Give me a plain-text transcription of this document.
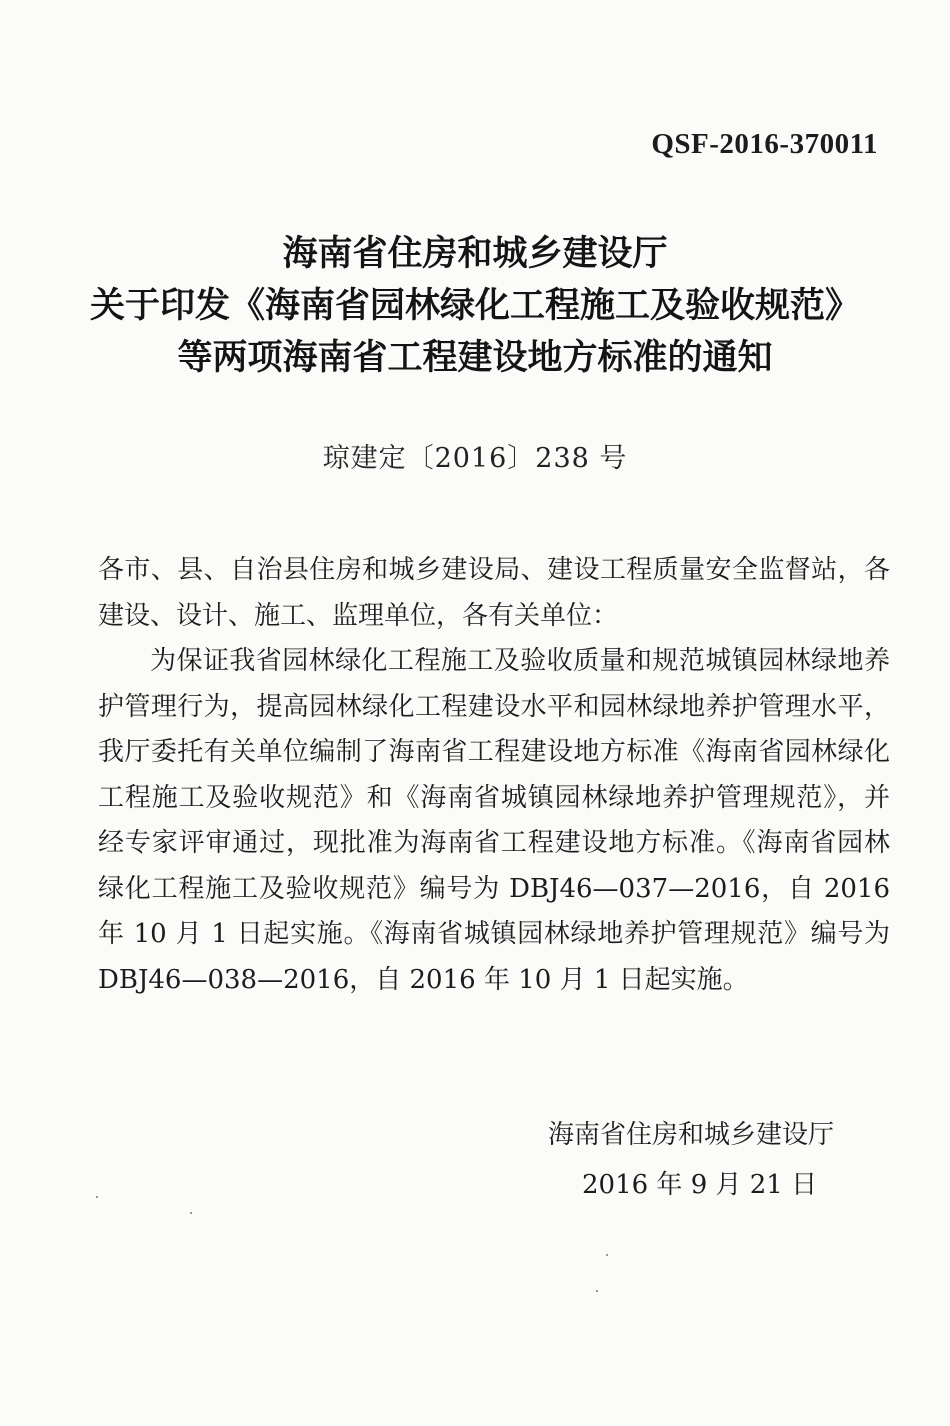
QSF-2016-370011
海南省住房和城乡建设厅
关于印发《海南省园林绿化工程施工及验收规范》
等两项海南省工程建设地方标准的通知
琼建定〔2016〕238 号

各市、县、自治县住房和城乡建设局、建设工程质量安全监督站，各建设、设计、施工、监理单位，各有关单位：

为保证我省园林绿化工程施工及验收质量和规范城镇园林绿地养护管理行为，提高园林绿化工程建设水平和园林绿地养护管理水平，我厅委托有关单位编制了海南省工程建设地方标准《海南省园林绿化工程施工及验收规范》和《海南省城镇园林绿地养护管理规范》，并经专家评审通过，现批准为海南省工程建设地方标准。《海南省园林绿化工程施工及验收规范》编号为 DBJ46—037—2016，自 2016 年 10 月 1 日起实施。《海南省城镇园林绿地养护管理规范》编号为 DBJ46—038—2016，自 2016 年 10 月 1 日起实施。

海南省住房和城乡建设厅
2016 年 9 月 21 日
